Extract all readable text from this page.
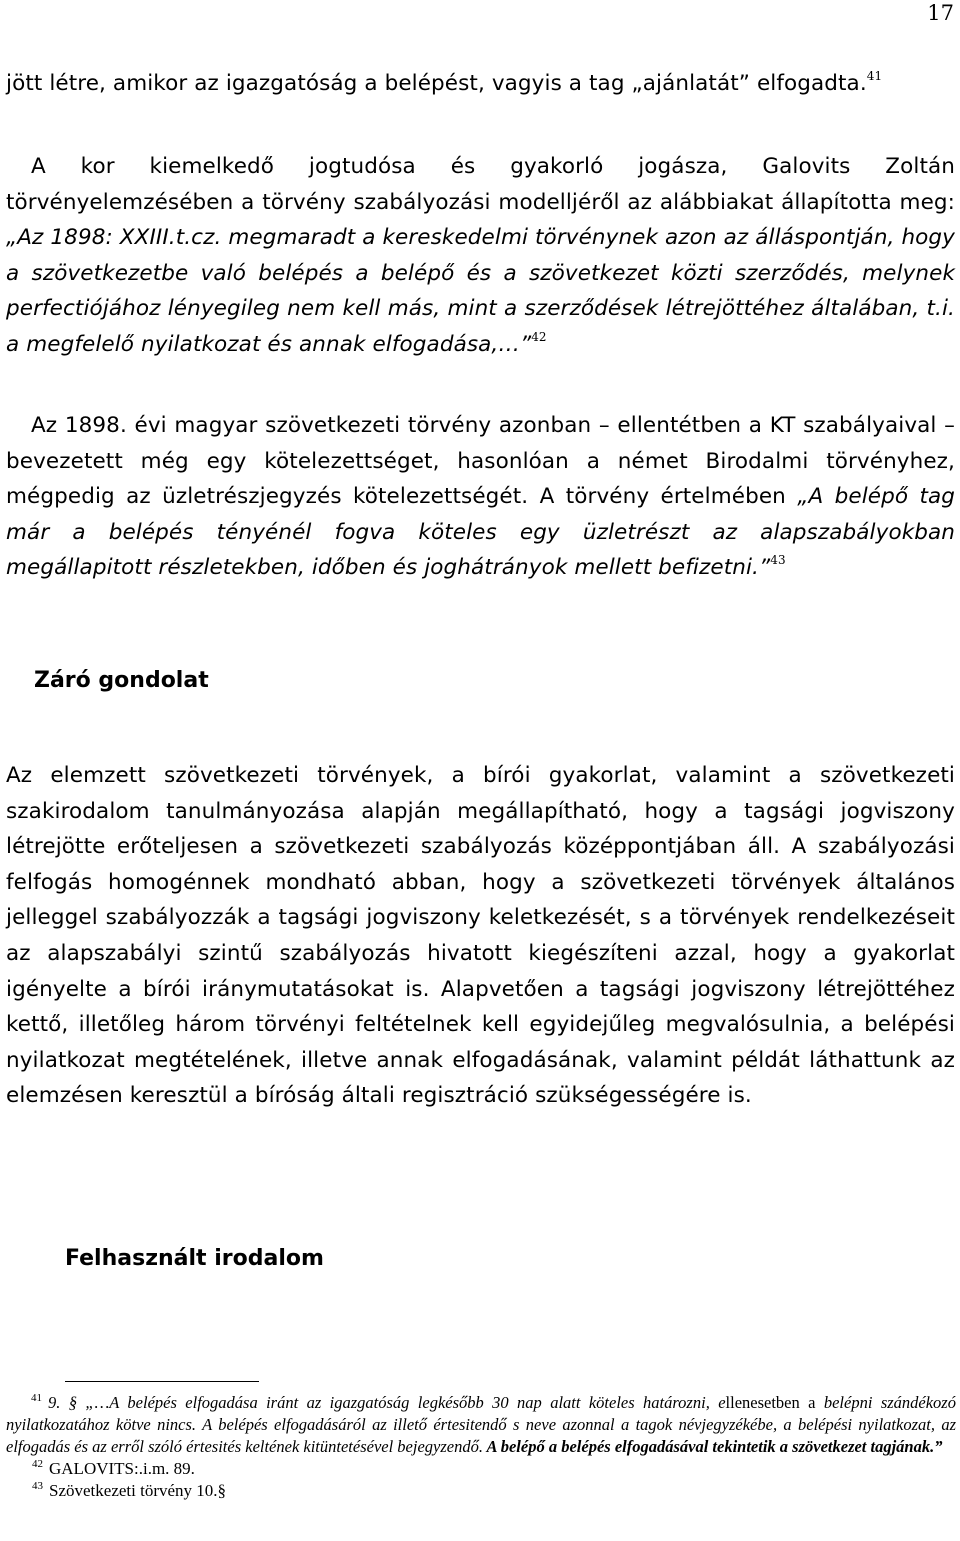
17

jött létre, amikor az igazgatóság a belépést, vagyis a tag „ajánlatát” elfogadta.$^{41}$

A kor kiemelkedő jogtudósa és gyakorló jogásza, Galovits Zoltán törvényelemzésében a törvény szabályozási modelljéről az alábbiakat állapította meg: „Az 1898: XXIII.t.cz. megmaradt a kereskedelmi törvénynek azon az álláspontján, hogy a szövetkezetbe való belépés a belépő és a szövetkezet közti szerződés, melynek perfectiójához lényegileg nem kell más, mint a szerződések létrejöttéhez általában, t.i. a megfelelő nyilatkozat és annak elfogadása,…”$^{42}$

Az 1898. évi magyar szövetkezeti törvény azonban – ellentétben a KT szabályaival – bevezetett még egy kötelezettséget, hasonlóan a német Birodalmi törvényhez, mégpedig az üzletrészjegyzés kötelezettségét. A törvény értelmében „A belépő tag már a belépés tényénél fogva köteles egy üzletrészt az alapszabályokban megállapitott részletekben, időben és joghátrányok mellett befizetni.”$^{43}$

Záró gondolat

Az elemzett szövetkezeti törvények, a bírói gyakorlat, valamint a szövetkezeti szakirodalom tanulmányozása alapján megállapítható, hogy a tagsági jogviszony létrejötte erőteljesen a szövetkezeti szabályozás középpontjában áll. A szabályozási felfogás homogénnek mondható abban, hogy a szövetkezeti törvények általános jelleggel szabályozzák a tagsági jogviszony keletkezését, s a törvények rendelkezéseit az alapszabályi szintű szabályozás hivatott kiegészíteni azzal, hogy a gyakorlat igényelte a bírói iránymutatásokat is. Alapvetően a tagsági jogviszony létrejöttéhez kettő, illetőleg három törvényi feltételnek kell egyidejűleg megvalósulnia, a belépési nyilatkozat megtételének, illetve annak elfogadásának, valamint példát láthattunk az elemzésen keresztül a bíróság általi regisztráció szükségességére is.

Felhasznált irodalom

$^{41}$ 9. § „…A belépés elfogadása iránt az igazgatóság legkésőbb 30 nap alatt köteles határozni, ellenesetben a belépni szándékozó nyilatkozatához kötve nincs. A belépés elfogadásáról az illető értesitendő s neve azonnal a tagok névjegyzékébe, a belépési nyilatkozat, az elfogadás és az erről szóló értesités keltének kitüntetésével bejegyzendő. A belépő a belépés elfogadásával tekintetik a szövetkezet tagjának.”

$^{42}$ GALOVITS:.i.m. 89.

$^{43}$ Szövetkezeti törvény 10.§
